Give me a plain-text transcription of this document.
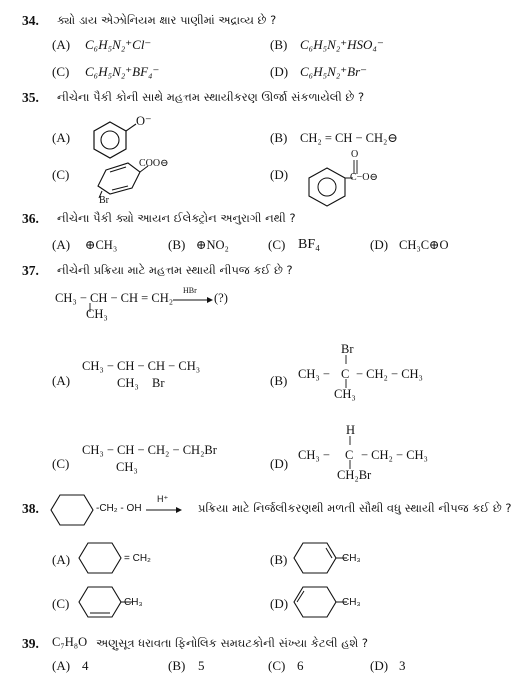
34. ક્યો ડાય એઝોનિયમ ક્ષાર પાણીમાં અદ્રાવ્ય છે ?
(A) C₆H₅N₂⁺Cl⁻	(B) C₆H₅N₂⁺HSO₄⁻
(C) C₆H₅N₂⁺BF₄⁻	(D) C₆H₅N₂⁺Br⁻
35. નીચેના પૈકી કોની સાથે મહત્તમ સ્થાયીકરણ ઊર્જા સંકળાયેલી છે ?
(A)
O⁻
(B) CH₂ = CH − CH₂⊖
(C)
COO⊖
Br
(D)
O
C−O⊖
36. નીચેના પૈકી ક્યો આયન ઈલેક્ટ્રોન અનુરાગી નથી ?
(A) ⊕CH₃	(B) ⊕NO₂	(C) BF₄	(D) CH₃C⊕O
37. નીચેની પ્રક્રિયા માટે મહત્તમ સ્થાયી નીપજ કઈ છે ?
CH₃ − CH − CH = CH₂
CH₃
HBr
(?)
(A)
CH₃ − CH − CH − CH₃
CH₃ Br	(B)
Br
CH₃ − C − CH₂ − CH₃
CH₃
(C)
CH₃ − CH − CH₂ − CH₂Br
CH₃	(D)
H
CH₃ − C − CH₂ − CH₃
CH₂Br
38.	-CH₂ - OH
H⁺
પ્રક્રિયા માટે નિર્જલીકરણથી મળતી સૌથી વધુ સ્થાયી નીપજ કઈ છે ?
(A)	= CH₂	(B)	CH₃
(C)	CH₃	(D)	CH₃
39. C₇H₈O અણુસૂત્ર ધરાવતા ફિનોલિક સમઘટકોની સંખ્યા કેટલી હશે ?
(A) 4	(B) 5	(C) 6	(D) 3
